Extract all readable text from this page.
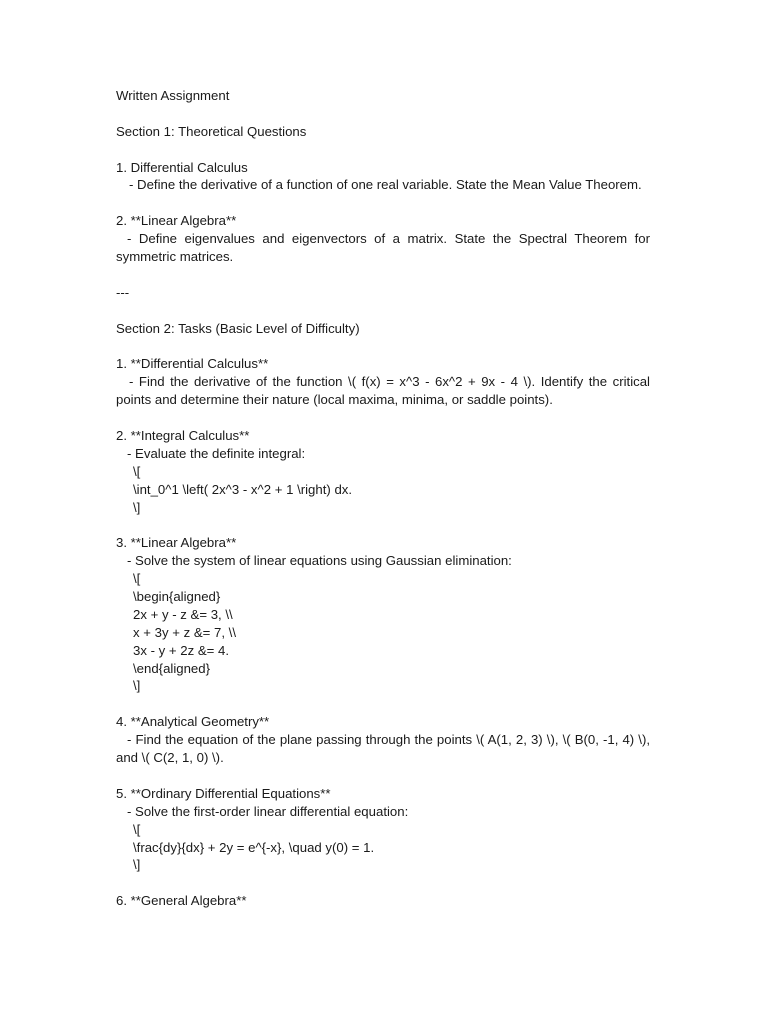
Written Assignment
Section 1: Theoretical Questions
1. Differential Calculus
- Define the derivative of a function of one real variable. State the Mean Value Theorem.
2. **Linear Algebra**
- Define eigenvalues and eigenvectors of a matrix. State the Spectral Theorem for symmetric matrices.
---
Section 2: Tasks (Basic Level of Difficulty)
1. **Differential Calculus**
- Find the derivative of the function \( f(x) = x^3 - 6x^2 + 9x - 4 \). Identify the critical points and determine their nature (local maxima, minima, or saddle points).
2. **Integral Calculus**
- Evaluate the definite integral:
\[
\int_0^1 \left( 2x^3 - x^2 + 1 \right) dx.
\]
3. **Linear Algebra**
- Solve the system of linear equations using Gaussian elimination:
\[
\begin{aligned}
2x + y - z &= 3, \\
x + 3y + z &= 7, \\
3x - y + 2z &= 4.
\end{aligned}
\]
4. **Analytical Geometry**
- Find the equation of the plane passing through the points \( A(1, 2, 3) \), \( B(0, -1, 4) \), and \( C(2, 1, 0) \).
5. **Ordinary Differential Equations**
- Solve the first-order linear differential equation:
\[
\frac{dy}{dx} + 2y = e^{-x}, \quad y(0) = 1.
\]
6. **General Algebra**
